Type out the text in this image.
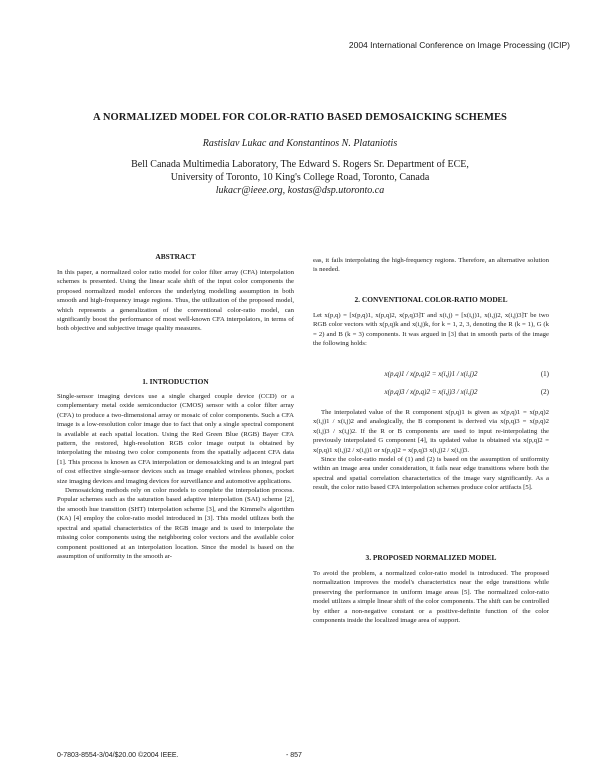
2004 International Conference on Image Processing (ICIP)
A NORMALIZED MODEL FOR COLOR-RATIO BASED DEMOSAICKING SCHEMES
Rastislav Lukac and Konstantinos N. Plataniotis
Bell Canada Multimedia Laboratory, The Edward S. Rogers Sr. Department of ECE,
University of Toronto, 10 King's College Road, Toronto, Canada
lukacr@ieee.org, kostas@dsp.utoronto.ca
ABSTRACT

In this paper, a normalized color ratio model for color filter array (CFA) interpolation schemes is presented. Using the linear scale shift of the input color components the proposed normalized model enforces the underlying modelling assumption in both smooth and high-frequency image regions. Thus, the utilization of the proposed model, which represents a generalization of the conventional color-ratio model, can significantly boost the performance of most well-known CFA interpolators, in terms of both objective and subjective image quality measures.

1. INTRODUCTION

Single-sensor imaging devices use a single charged couple device (CCD) or a complementary metal oxide semiconductor (CMOS) sensor with a color filter array (CFA) to produce a two-dimensional array or mosaic of color components. Such a CFA image is a low-resolution color image due to fact that only a single spectral component is available at each spatial location. Using the Red Green Blue (RGB) Bayer CFA pattern, the restored, high-resolution RGB color image output is obtained by interpolating the missing two color components from the spatially adjacent CFA data [1]. This process is known as CFA interpolation or demosaicking and is an integral part of cost effective single-sensor devices such as image enabled wireless phones, pocket size imaging devices and imaging devices for surveillance and automotive applications.

Demosaicking methods rely on color models to complete the interpolation process. Popular schemes such as the saturation based adaptive interpolation (SAI) scheme [2], the smooth hue transition (SHT) interpolation scheme [3], and the Kimmel's algorithm (KA) [4] employ the color-ratio model introduced in [3]. This model utilizes both the spectral and spatial characteristics of the RGB image and is used to interpolate the missing color components using the neighboring color vectors and the available color component positioned at an interpolation location. Since the model is based on the assumption of uniformity in the smooth ar-

eas, it fails interpolating the high-frequency regions. Therefore, an alternative solution is needed.

2. CONVENTIONAL COLOR-RATIO MODEL

Let x(p,q) = [x(p,q)1, x(p,q)2, x(p,q)3]T and x(i,j) = [x(i,j)1, x(i,j)2, x(i,j)3]T be two RGB color vectors with x(p,q)k and x(i,j)k, for k = 1, 2, 3, denoting the R (k = 1), G (k = 2) and B (k = 3) components. It was argued in [3] that in smooth parts of the image the following holds:

x(p,q)1 / x(p,q)2 = x(i,j)1 / x(i,j)2	(1)
x(p,q)3 / x(p,q)2 = x(i,j)3 / x(i,j)2	(2)

The interpolated value of the R component x(p,q)1 is given as x(p,q)1 = x(p,q)2 x(i,j)1 / x(i,j)2 and analogically, the B component is derived via x(p,q)3 = x(p,q)2 x(i,j)3 / x(i,j)2. If the R or B components are used to input re-interpolating the previously interpolated G component [4], its updated value is obtained via x(p,q)2 = x(p,q)1 x(i,j)2 / x(i,j)1 or x(p,q)2 = x(p,q)3 x(i,j)2 / x(i,j)3.

Since the color-ratio model of (1) and (2) is based on the assumption of uniformity within an image area under consideration, it fails near edge transitions where both the spectral and spatial correlation characteristics of the image vary significantly. As a result, the color ratio based CFA interpolation schemes produce color artifacts [5].

3. PROPOSED NORMALIZED MODEL

To avoid the problem, a normalized color-ratio model is introduced. The proposed normalization improves the model's characteristics near the edge transitions while preserving the performance in uniform image areas [5]. The normalized color-ratio model utilizes a simple linear shift of the color components. The shift can be controlled by either a non-negative constant or a positive-definite function of the color components inside the localized image area of support.

0-7803-8554-3/04/$20.00 ©2004 IEEE.	- 857
